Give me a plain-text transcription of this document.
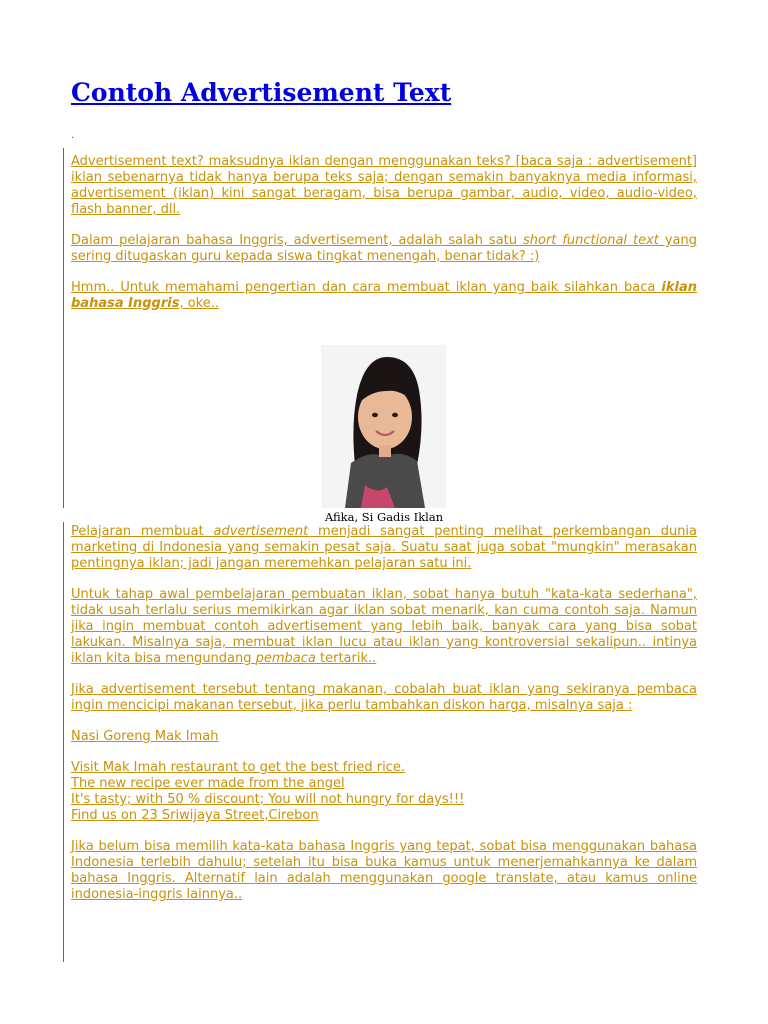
Contoh Advertisement Text
.

Advertisement text? maksudnya iklan dengan menggunakan teks? [baca saja : advertisement] iklan sebenarnya tidak hanya berupa teks saja; dengan semakin banyaknya media informasi, advertisement (iklan) kini sangat beragam, bisa berupa gambar, audio, video, audio-video, flash banner, dll.

Dalam pelajaran bahasa Inggris, advertisement, adalah salah satu short functional text yang sering ditugaskan guru kepada siswa tingkat menengah, benar tidak? :)

Hmm.. Untuk memahami pengertian dan cara membuat iklan yang baik silahkan baca iklan bahasa Inggris, oke..

Afika, Si Gadis Iklan

Pelajaran membuat advertisement menjadi sangat penting melihat perkembangan dunia marketing di Indonesia yang semakin pesat saja. Suatu saat juga sobat "mungkin" merasakan pentingnya iklan; jadi jangan meremehkan pelajaran satu ini.

Untuk tahap awal pembelajaran pembuatan iklan, sobat hanya butuh "kata-kata sederhana", tidak usah terlalu serius memikirkan agar iklan sobat menarik, kan cuma contoh saja. Namun jika ingin membuat contoh advertisement yang lebih baik, banyak cara yang bisa sobat lakukan. Misalnya saja, membuat iklan lucu atau iklan yang kontroversial sekalipun.. intinya iklan kita bisa mengundang pembaca tertarik..

Jika advertisement tersebut tentang makanan, cobalah buat iklan yang sekiranya pembaca ingin mencicipi makanan tersebut, jika perlu tambahkan diskon harga, misalnya saja :

Nasi Goreng Mak Imah

Visit Mak Imah restaurant to get the best fried rice.

The new recipe ever made from the angel

It's tasty; with 50 % discount; You will not hungry for days!!!

Find us on 23 Sriwijaya Street,Cirebon

Jika belum bisa memilih kata-kata bahasa Inggris yang tepat, sobat bisa menggunakan bahasa Indonesia terlebih dahulu; setelah itu bisa buka kamus untuk menerjemahkannya ke dalam bahasa Inggris. Alternatif lain adalah menggunakan google translate, atau kamus online indonesia-inggris lainnya..
